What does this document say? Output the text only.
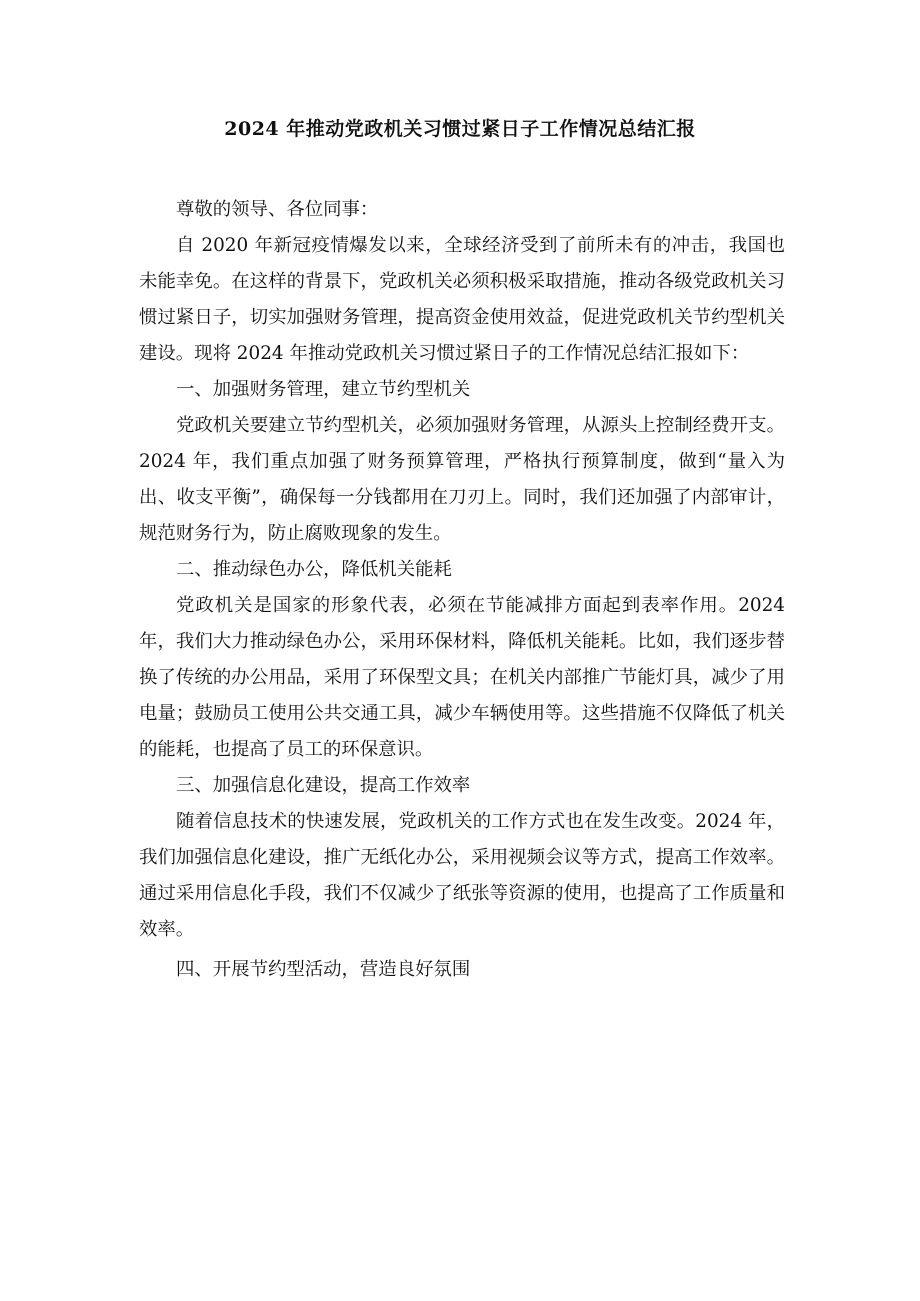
2024 年推动党政机关习惯过紧日子工作情况总结汇报

尊敬的领导、各位同事：

自 2020 年新冠疫情爆发以来，全球经济受到了前所未有的冲击，我国也未能幸免。在这样的背景下，党政机关必须积极采取措施，推动各级党政机关习惯过紧日子，切实加强财务管理，提高资金使用效益，促进党政机关节约型机关建设。现将 2024 年推动党政机关习惯过紧日子的工作情况总结汇报如下：

一、加强财务管理，建立节约型机关

党政机关要建立节约型机关，必须加强财务管理，从源头上控制经费开支。2024 年，我们重点加强了财务预算管理，严格执行预算制度，做到“量入为出、收支平衡”，确保每一分钱都用在刀刃上。同时，我们还加强了内部审计，规范财务行为，防止腐败现象的发生。

二、推动绿色办公，降低机关能耗

党政机关是国家的形象代表，必须在节能减排方面起到表率作用。2024 年，我们大力推动绿色办公，采用环保材料，降低机关能耗。比如，我们逐步替换了传统的办公用品，采用了环保型文具；在机关内部推广节能灯具，减少了用电量；鼓励员工使用公共交通工具，减少车辆使用等。这些措施不仅降低了机关的能耗，也提高了员工的环保意识。

三、加强信息化建设，提高工作效率

随着信息技术的快速发展，党政机关的工作方式也在发生改变。2024 年，我们加强信息化建设，推广无纸化办公，采用视频会议等方式，提高工作效率。通过采用信息化手段，我们不仅减少了纸张等资源的使用，也提高了工作质量和效率。

四、开展节约型活动，营造良好氛围
